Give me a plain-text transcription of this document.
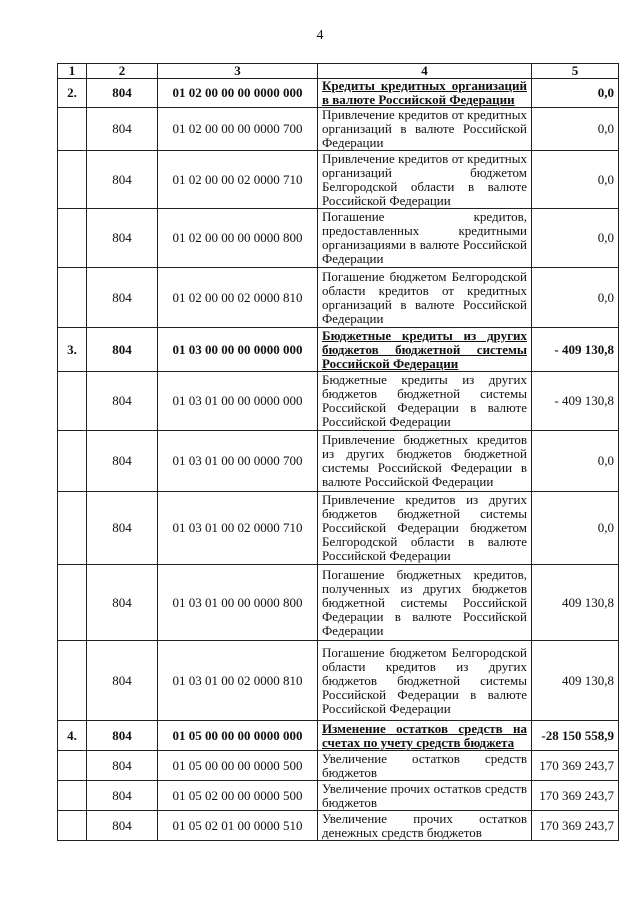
4
1	2	3	4	5
2.	804	01 02 00 00 00 0000 000	Кредиты кредитных организаций в валюте Российской Федерации	0,0
	804	01 02 00 00 00 0000 700	Привлечение кредитов от кредитных организаций в валюте Российской Федерации	0,0
	804	01 02 00 00 02 0000 710	Привлечение кредитов от кредитных организаций бюджетом Белгородской области в валюте Российской Федерации	0,0
	804	01 02 00 00 00 0000 800	Погашение кредитов, предоставленных кредитными организациями в валюте Российской Федерации	0,0
	804	01 02 00 00 02 0000 810	Погашение бюджетом Белгородской области кредитов от кредитных организаций в валюте Российской Федерации	0,0
3.	804	01 03 00 00 00 0000 000	Бюджетные кредиты из других бюджетов бюджетной системы Российской Федерации	- 409 130,8
	804	01 03 01 00 00 0000 000	Бюджетные кредиты из других бюджетов бюджетной системы Российской Федерации в валюте Российской Федерации	- 409 130,8
	804	01 03 01 00 00 0000 700	Привлечение бюджетных кредитов из других бюджетов бюджетной системы Российской Федерации в валюте Российской Федерации	0,0
	804	01 03 01 00 02 0000 710	Привлечение кредитов из других бюджетов бюджетной системы Российской Федерации бюджетом Белгородской области в валюте Российской Федерации	0,0
	804	01 03 01 00 00 0000 800	Погашение бюджетных кредитов, полученных из других бюджетов бюджетной системы Российской Федерации в валюте Российской Федерации	409 130,8
	804	01 03 01 00 02 0000 810	Погашение бюджетом Белгородской области кредитов из других бюджетов бюджетной системы Российской Федерации в валюте Российской Федерации	409 130,8
4.	804	01 05 00 00 00 0000 000	Изменение остатков средств на счетах по учету средств бюджета	-28 150 558,9
	804	01 05 00 00 00 0000 500	Увеличение остатков средств бюджетов	170 369 243,7
	804	01 05 02 00 00 0000 500	Увеличение прочих остатков средств бюджетов	170 369 243,7
	804	01 05 02 01 00 0000 510	Увеличение прочих остатков денежных средств бюджетов	170 369 243,7
